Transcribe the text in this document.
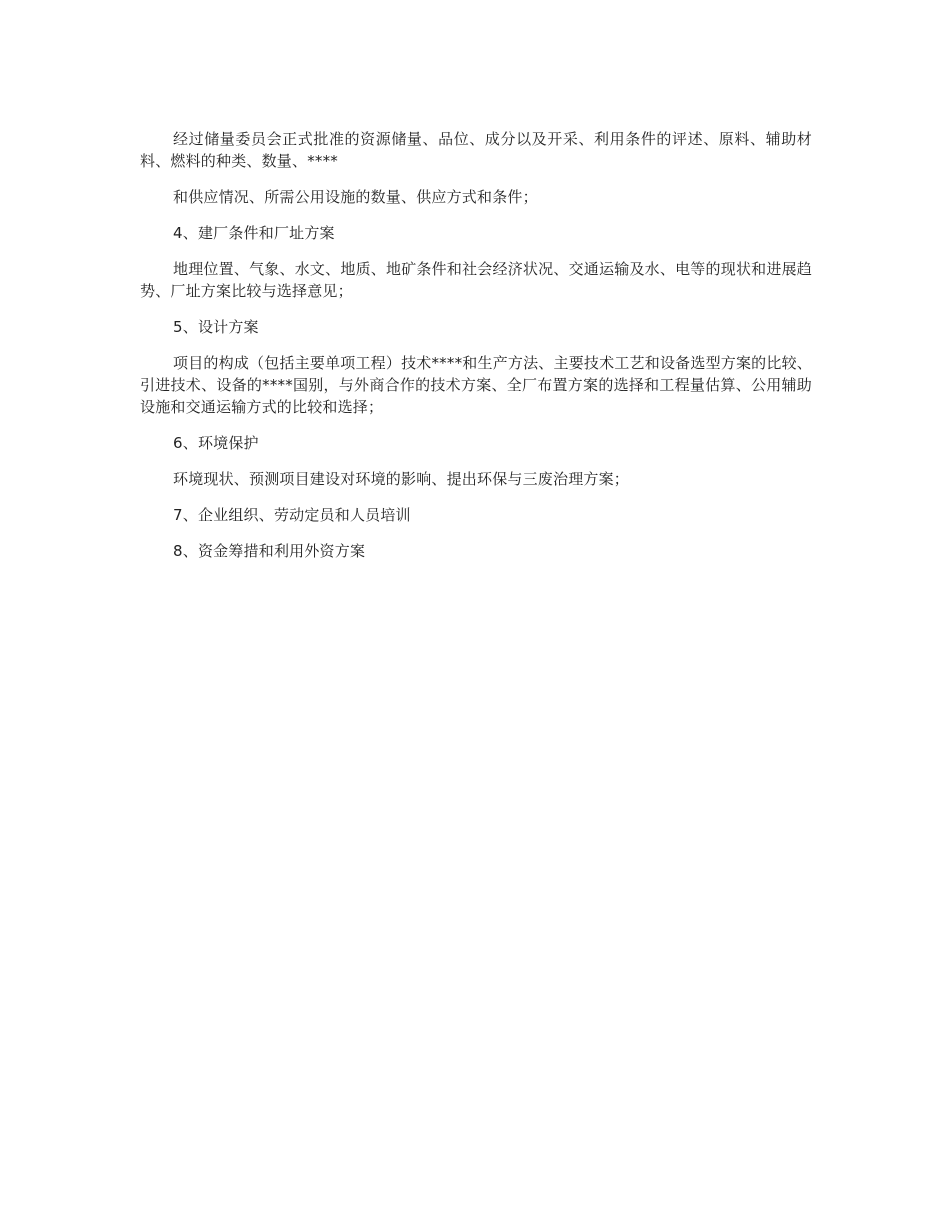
经过储量委员会正式批准的资源储量、品位、成分以及开采、利用条件的评述、原料、辅助材料、燃料的种类、数量、****

和供应情况、所需公用设施的数量、供应方式和条件；

4、建厂条件和厂址方案

地理位置、气象、水文、地质、地矿条件和社会经济状况、交通运输及水、电等的现状和进展趋势、厂址方案比较与选择意见；

5、设计方案

项目的构成（包括主要单项工程）技术****和生产方法、主要技术工艺和设备选型方案的比较、引进技术、设备的****国别，与外商合作的技术方案、全厂布置方案的选择和工程量估算、公用辅助设施和交通运输方式的比较和选择；

6、环境保护

环境现状、预测项目建设对环境的影响、提出环保与三废治理方案；

7、企业组织、劳动定员和人员培训

8、资金筹措和利用外资方案
